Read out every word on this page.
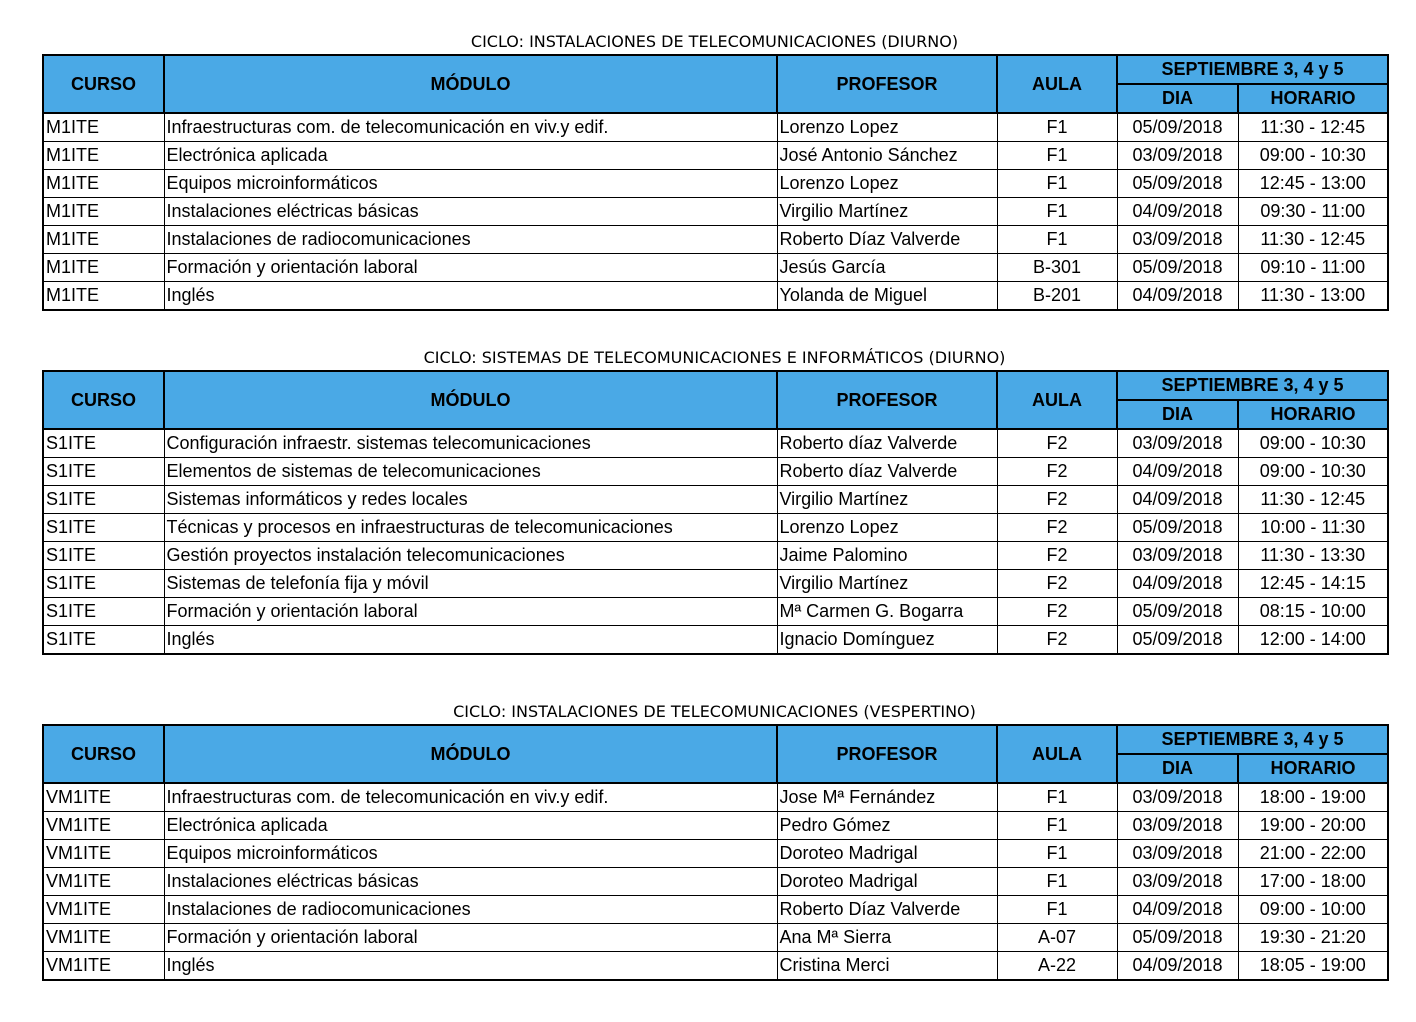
CICLO: INSTALACIONES DE TELECOMUNICACIONES (DIURNO)
CURSO	MÓDULO	PROFESOR	AULA	SEPTIEMBRE 3, 4 y 5	
				DIA	HORARIO
M1ITE	Infraestructuras com. de telecomunicación en viv.y edif.	Lorenzo Lopez	F1	05/09/2018	11:30 - 12:45
M1ITE	Electrónica aplicada	José Antonio Sánchez	F1	03/09/2018	09:00 - 10:30
M1ITE	Equipos microinformáticos	Lorenzo Lopez	F1	05/09/2018	12:45 - 13:00
M1ITE	Instalaciones eléctricas básicas	Virgilio Martínez	F1	04/09/2018	09:30 - 11:00
M1ITE	Instalaciones de radiocomunicaciones	Roberto Díaz Valverde	F1	03/09/2018	11:30 - 12:45
M1ITE	Formación y orientación laboral	Jesús García	B-301	05/09/2018	09:10 - 11:00
M1ITE	Inglés	Yolanda de Miguel	B-201	04/09/2018	11:30 - 13:00
CICLO: SISTEMAS DE TELECOMUNICACIONES E INFORMÁTICOS (DIURNO)
CURSO	MÓDULO	PROFESOR	AULA	SEPTIEMBRE 3, 4 y 5	
				DIA	HORARIO
S1ITE	Configuración infraestr. sistemas telecomunicaciones	Roberto díaz Valverde	F2	03/09/2018	09:00 - 10:30
S1ITE	Elementos de sistemas de telecomunicaciones	Roberto díaz Valverde	F2	04/09/2018	09:00 - 10:30
S1ITE	Sistemas informáticos y redes locales	Virgilio Martínez	F2	04/09/2018	11:30 - 12:45
S1ITE	Técnicas y procesos en infraestructuras de telecomunicaciones	Lorenzo Lopez	F2	05/09/2018	10:00 - 11:30
S1ITE	Gestión proyectos instalación telecomunicaciones	Jaime Palomino	F2	03/09/2018	11:30 - 13:30
S1ITE	Sistemas de telefonía fija y móvil	Virgilio Martínez	F2	04/09/2018	12:45 - 14:15
S1ITE	Formación y orientación laboral	Mª Carmen G. Bogarra	F2	05/09/2018	08:15 - 10:00
S1ITE	Inglés	Ignacio Domínguez	F2	05/09/2018	12:00 - 14:00
CICLO: INSTALACIONES DE TELECOMUNICACIONES (VESPERTINO)
CURSO	MÓDULO	PROFESOR	AULA	SEPTIEMBRE 3, 4 y 5	
				DIA	HORARIO
VM1ITE	Infraestructuras com. de telecomunicación en viv.y edif.	Jose Mª Fernández	F1	03/09/2018	18:00 - 19:00
VM1ITE	Electrónica aplicada	Pedro Gómez	F1	03/09/2018	19:00 - 20:00
VM1ITE	Equipos microinformáticos	Doroteo Madrigal	F1	03/09/2018	21:00 - 22:00
VM1ITE	Instalaciones eléctricas básicas	Doroteo Madrigal	F1	03/09/2018	17:00 - 18:00
VM1ITE	Instalaciones de radiocomunicaciones	Roberto Díaz Valverde	F1	04/09/2018	09:00 - 10:00
VM1ITE	Formación y orientación laboral	Ana Mª Sierra	A-07	05/09/2018	19:30 - 21:20
VM1ITE	Inglés	Cristina Merci	A-22	04/09/2018	18:05 - 19:00
